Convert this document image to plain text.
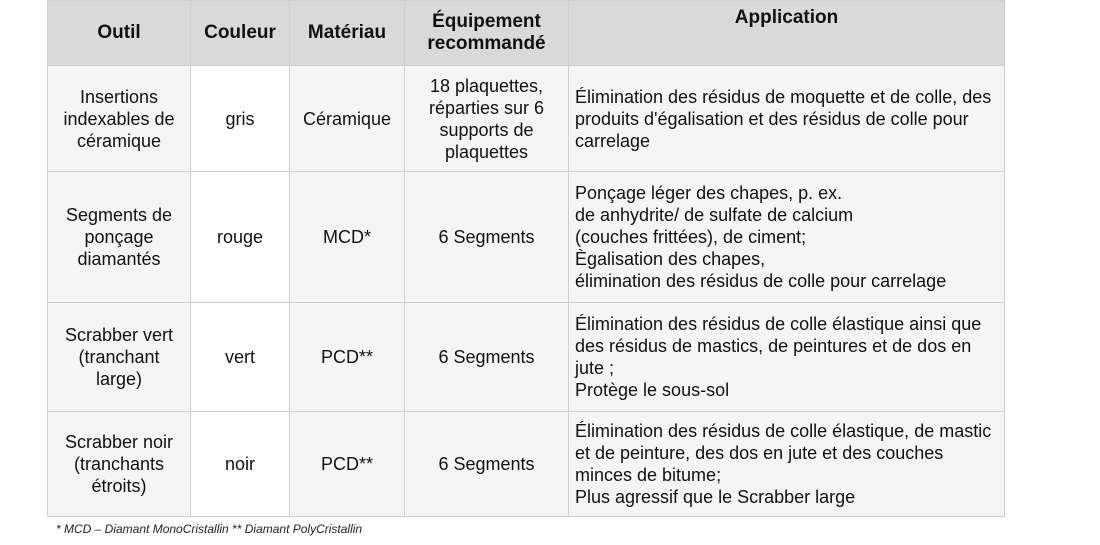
Outil	Couleur	Matériau	Équipement recommandé	Application
Insertions indexables de céramique	gris	Céramique	18 plaquettes, réparties sur 6 supports de plaquettes	Élimination des résidus de moquette et de colle, des produits d'égalisation et des résidus de colle pour carrelage

Segments de ponçage diamantés	rouge	MCD*	6 Segments	Ponçage léger des chapes, p. ex.
de anhydrite/ de sulfate de calcium
(couches frittées), de ciment;
Ègalisation des chapes,
élimination des résidus de colle pour carrelage

Scrabber vert (tranchant large)	vert	PCD**	6 Segments	Élimination des résidus de colle élastique ainsi que des résidus de mastics, de peintures et de dos en jute ;
Protège le sous-sol

Scrabber noir (tranchants étroits)	noir	PCD**	6 Segments	Élimination des résidus de colle élastique, de mastic et de peinture, des dos en jute et des couches minces de bitume;
Plus agressif que le Scrabber large
* MCD – Diamant MonoCristallin ** Diamant PolyCristallin
